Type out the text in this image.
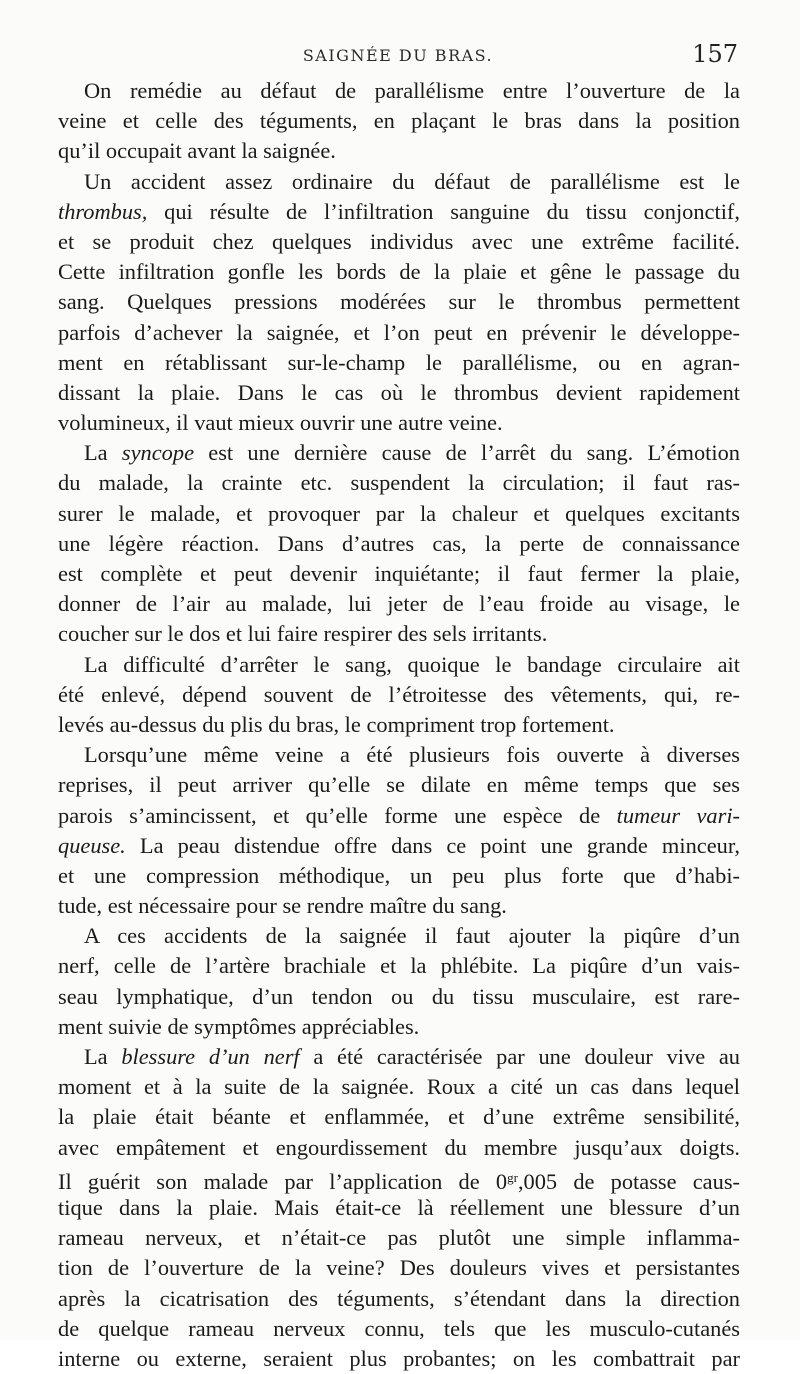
SAIGNÉE DU BRAS.	157
On remédie au défaut de parallélisme entre l’ouverture de la
veine et celle des téguments, en plaçant le bras dans la position
qu’il occupait avant la saignée.
Un accident assez ordinaire du défaut de parallélisme est le
thrombus, qui résulte de l’infiltration sanguine du tissu conjonctif,
et se produit chez quelques individus avec une extrême facilité.
Cette infiltration gonfle les bords de la plaie et gêne le passage du
sang. Quelques pressions modérées sur le thrombus permettent
parfois d’achever la saignée, et l’on peut en prévenir le développe-
ment en rétablissant sur-le-champ le parallélisme, ou en agran-
dissant la plaie. Dans le cas où le thrombus devient rapidement
volumineux, il vaut mieux ouvrir une autre veine.
La syncope est une dernière cause de l’arrêt du sang. L’émotion
du malade, la crainte etc. suspendent la circulation; il faut ras-
surer le malade, et provoquer par la chaleur et quelques excitants
une légère réaction. Dans d’autres cas, la perte de connaissance
est complète et peut devenir inquiétante; il faut fermer la plaie,
donner de l’air au malade, lui jeter de l’eau froide au visage, le
coucher sur le dos et lui faire respirer des sels irritants.
La difficulté d’arrêter le sang, quoique le bandage circulaire ait
été enlevé, dépend souvent de l’étroitesse des vêtements, qui, re-
levés au-dessus du plis du bras, le compriment trop fortement.
Lorsqu’une même veine a été plusieurs fois ouverte à diverses
reprises, il peut arriver qu’elle se dilate en même temps que ses
parois s’amincissent, et qu’elle forme une espèce de tumeur vari-
queuse. La peau distendue offre dans ce point une grande minceur,
et une compression méthodique, un peu plus forte que d’habi-
tude, est nécessaire pour se rendre maître du sang.
A ces accidents de la saignée il faut ajouter la piqûre d’un
nerf, celle de l’artère brachiale et la phlébite. La piqûre d’un vais-
seau lymphatique, d’un tendon ou du tissu musculaire, est rare-
ment suivie de symptômes appréciables.
La blessure d’un nerf a été caractérisée par une douleur vive au
moment et à la suite de la saignée. Roux a cité un cas dans lequel
la plaie était béante et enflammée, et d’une extrême sensibilité,
avec empâtement et engourdissement du membre jusqu’aux doigts.
Il guérit son malade par l’application de $0^{gr},005$ de potasse caus-
tique dans la plaie. Mais était-ce là réellement une blessure d’un
rameau nerveux, et n’était-ce pas plutôt une simple inflamma-
tion de l’ouverture de la veine? Des douleurs vives et persistantes
après la cicatrisation des téguments, s’étendant dans la direction
de quelque rameau nerveux connu, tels que les musculo-cutanés
interne ou externe, seraient plus probantes; on les combattrait par
